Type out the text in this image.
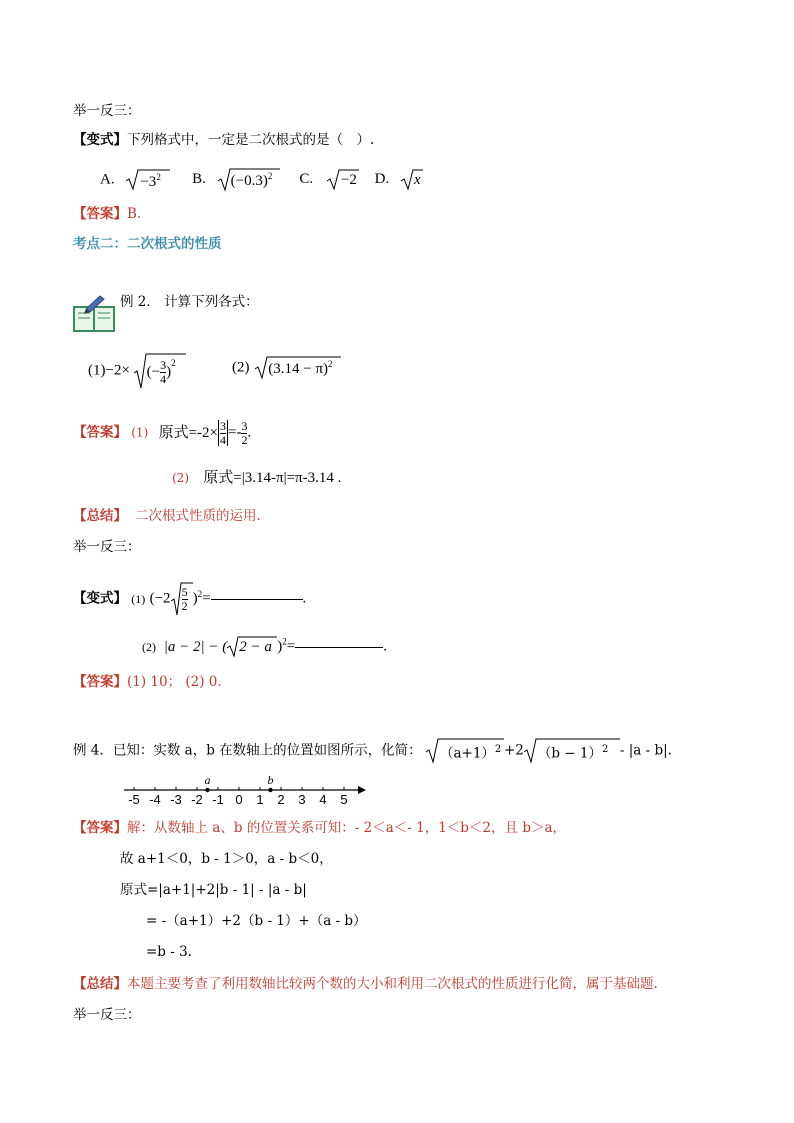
举一反三：
【变式】下列格式中，一定是二次根式的是（　）.
A. $-3^2$ B. $(-0.3)^2$ C. −2 D. x
【答案】B.
考点二：二次根式的性质
例 2． 计算下列各式：
(1)−2× (− $\frac{3}{4}$ )
$^2$	(2) $(3.14 - \pi)^2$
【答案】 (1) 原式$=-2\times \frac{3}{4} =- \frac{3}{2}$ .
(2) 原式=|3.14-π|=π-3.14 .
【总结】 二次根式性质的运用.
举一反三：
【变式】 (1) (−2 5
2 )$^2$=	.
(2) |a − 2| − ( 2 − a )$^2$=	.
【答案】(1) 10； (2) 0.
例 4．已知：实数 a，b 在数轴上的位置如图所示，化简： $(a+1)^2 +2$ $(b - 1)^2 - |a - b|$.
-5 -4 -3 -2 -1 0 1 2 3 4 5
a	b
【答案】解：从数轴上 a、b 的位置关系可知：- 2＜a＜- 1，1＜b＜2，且 b＞a，
故 a+1＜0，b - 1＞0，a - b＜0，
原式=|a+1|+2|b - 1| - |a - b|
= -（a+1）+2（b - 1）+（a - b）
=b - 3.
【总结】本题主要考查了利用数轴比较两个数的大小和利用二次根式的性质进行化简，属于基础题.
举一反三：
